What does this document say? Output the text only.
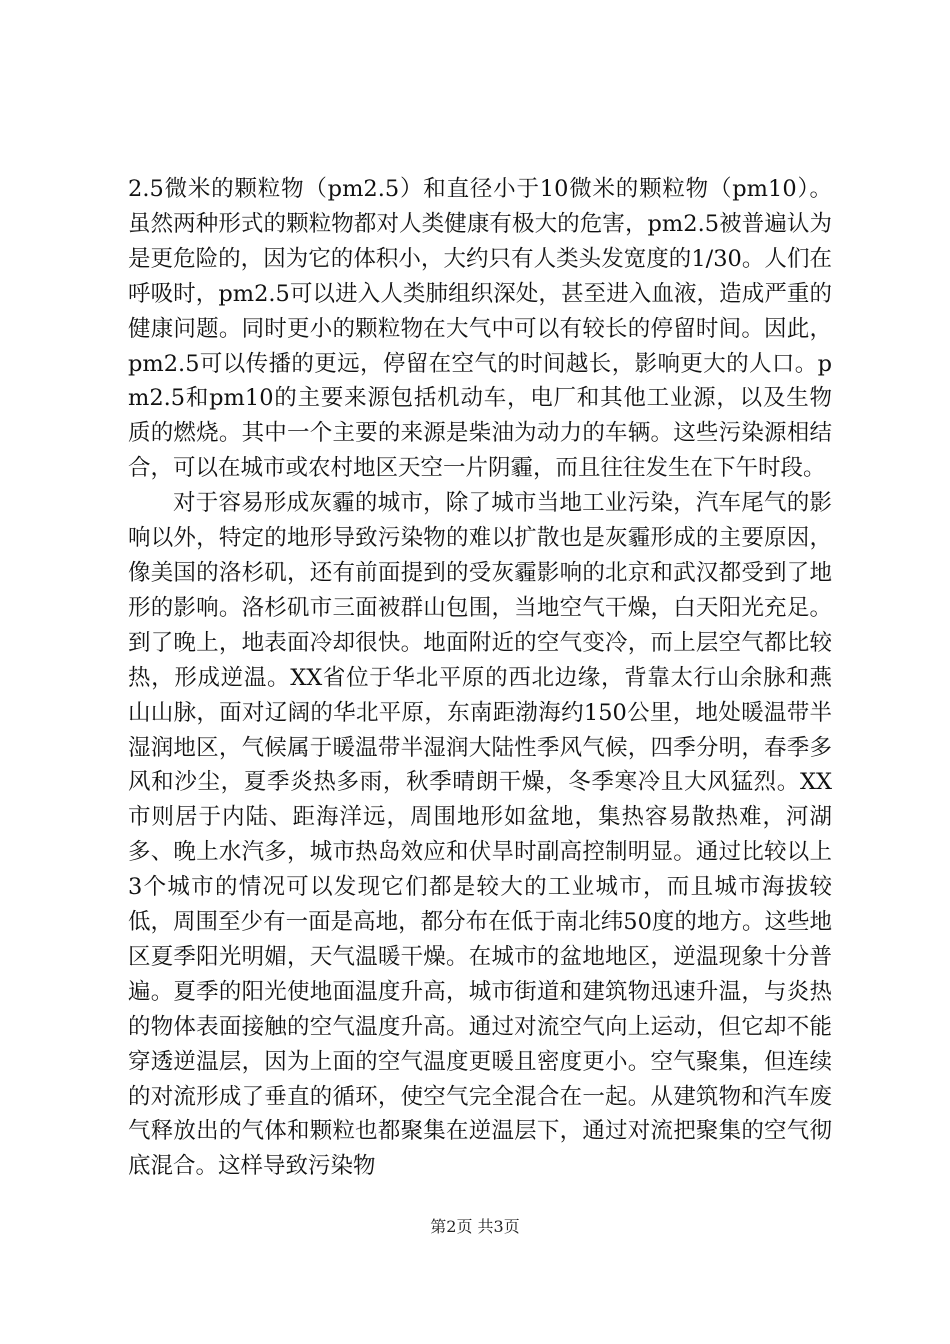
2.5微米的颗粒物（pm2.5）和直径小于10微米的颗粒物（pm10）。虽然两种形式的颗粒物都对人类健康有极大的危害，pm2.5被普遍认为是更危险的，因为它的体积小，大约只有人类头发宽度的1/30。人们在呼吸时，pm2.5可以进入人类肺组织深处，甚至进入血液，造成严重的健康问题。同时更小的颗粒物在大气中可以有较长的停留时间。因此，pm2.5可以传播的更远，停留在空气的时间越长，影响更大的人口。pm2.5和pm10的主要来源包括机动车，电厂和其他工业源，以及生物质的燃烧。其中一个主要的来源是柴油为动力的车辆。这些污染源相结合，可以在城市或农村地区天空一片阴霾，而且往往发生在下午时段。

对于容易形成灰霾的城市，除了城市当地工业污染，汽车尾气的影响以外，特定的地形导致污染物的难以扩散也是灰霾形成的主要原因，像美国的洛杉矶，还有前面提到的受灰霾影响的北京和武汉都受到了地形的影响。洛杉矶市三面被群山包围，当地空气干燥，白天阳光充足。到了晚上，地表面冷却很快。地面附近的空气变冷，而上层空气都比较热，形成逆温。XX省位于华北平原的西北边缘，背靠太行山余脉和燕山山脉，面对辽阔的华北平原，东南距渤海约150公里，地处暖温带半湿润地区，气候属于暖温带半湿润大陆性季风气候，四季分明，春季多风和沙尘，夏季炎热多雨，秋季晴朗干燥，冬季寒冷且大风猛烈。XX市则居于内陆、距海洋远，周围地形如盆地，集热容易散热难，河湖多、晚上水汽多，城市热岛效应和伏旱时副高控制明显。通过比较以上3个城市的情况可以发现它们都是较大的工业城市，而且城市海拔较低，周围至少有一面是高地，都分布在低于南北纬50度的地方。这些地区夏季阳光明媚，天气温暖干燥。在城市的盆地地区，逆温现象十分普遍。夏季的阳光使地面温度升高，城市街道和建筑物迅速升温，与炎热的物体表面接触的空气温度升高。通过对流空气向上运动，但它却不能穿透逆温层，因为上面的空气温度更暖且密度更小。空气聚集，但连续的对流形成了垂直的循环，使空气完全混合在一起。从建筑物和汽车废气释放出的气体和颗粒也都聚集在逆温层下，通过对流把聚集的空气彻底混合。这样导致污染物

第2页 共3页
